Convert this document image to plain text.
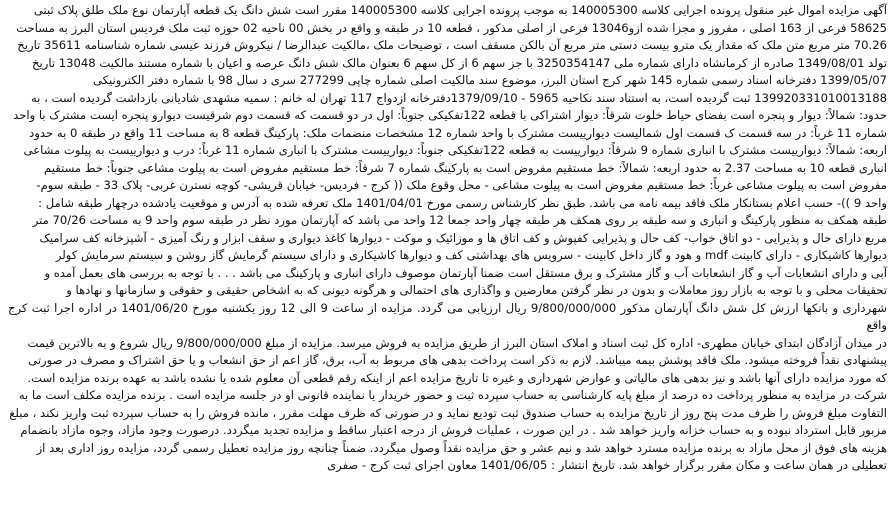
آگهی مزایده اموال غیر منقول پرونده اجرایی کلاسه 140005300 به موجب پرونده اجرایی کلاسه 140005300 مقرر است شش دانگ یک قطعه آپارتمان نوع ملک طلق پلاک ثبتی

58625 فرعی از 163 اصلی ، مفروز و مجزا شده ازو13046 فرعی از اصلی مذکور ، قطعه 10 در طبقه و واقع در بخش 00 ناحیه 02 حوزه ثبت ملک فردیس استان البرز به مساحت

70.26 متر مربع متن ملک که مقدار یک مترو بیست دستی متر مربع آن بالکن مسقف است ، توضیحات ملک ،مالکیت عبدالرضا / نیکروش فرزند عیسی شماره شناسنامه 35611 تاریخ

تولد 1349/08/01 صادره از کرمانشاه دارای شماره ملی 3250354147 با جز سهم 6 از کل سهم 6 بعنوان مالک شش دانگ عرصه و اعیان با شماره مستند مالکیت 13048 تاریخ

1399/05/07 دفترخانه اسناد رسمی شماره 145 شهر کرج استان البرز، موضوع سند مالکیت اصلی شماره چاپی 277299 سری د سال 98 با شماره دفتر الکترونیکی

139920331010013188 ثبت گردیده است، به استناد سند نکاحیه 5965 - 1379/09/10دفترخانه ازدواج 117 تهران له خانم : سمیه مشهدی شادیانی بازداشت گردیده است ، به

حدود: شمالاً: دیوار و پنجره است بفضای حیاط خلوت شرقاً: دیوار اشتراکی با قطعه 122تفکیکی جنوباً: اول در دو قسمت که قسمت دوم شرقیست دیوارو پنجره ایست مشترک با واحد

شماره 11 غرباً: در سه قسمت ک قسمت اول شمالیست دیوارییست مشترک با واحد شماره 12 مشخصات منضمات ملک: پارکینگ قطعه 8 به مساحت 11 واقع در طبقه 0 به حدود

اربعه: شمالاً: دیوارییست مشترک با انباری شماره 9 شرقاً: دیوارییست به قطعه 122تفکیکی جنوباً: دیوارییست مشترک با انباری شماره 11 غرباً: درب و دیوارییست به پیلوت مشاعی

انباری قطعه 10 به مساحت 2.37 به حدود اربعه: شمالاً: خط مستقیم مفروض است به پارکینگ شماره 7 شرقاً: خط مستقیم مفروض است به پیلوت مشاعی جنوباً: خط مستقیم

مفروض است به پیلوت مشاعی غرباً: خط مستقیم مفروض است به پیلوت مشاعی - محل وقوع ملک (( کرج - فردیس- خیابان قریشی- کوچه نسترن غربی- پلاک 33 - طبقه سوم-

واحد 9 ))- حسب اعلام بستانکار ملک فاقد بیمه نامه می باشد. طبق نظر کارشناس رسمی مورخ 1401/04/01 ملک تعرفه شده به آدرس و موقعیت یادشده درچهار طبقه شامل :

طبقه همکف به منظور پارکینگ و انباری و سه طبقه بر روی همکف هر طبقه چهار واحد جمعا 12 واحد می باشد که آپارتمان مورد نظر در طبقه سوم واحد 9 به مساحت 70/26 متر

مربع دارای حال و پذیرایی - دو اتاق خواب- کف حال و پذیرایی کفپوش و کف اتاق ها و موزائیک و موکت - دیوارها کاغذ دیواری و سقف ابزار و رنگ آمیزی - آشپزخانه کف سرامیک

دیوارها کاشیکاری - دارای کابینت mdf و هود و گاز داخل کابینت - سرویس های بهداشتی کف و دیوارها کاشیکاری و دارای سیستم گرمایش گاز روشن و سیستم سرمایش کولر

آبی و دارای انشعابات آب و گاز انشعابات آب و گاز مشترک و برق مستقل است ضمنا آپارتمان موصوف دارای انباری و پارکینگ می باشد . . . با توجه به بررسی های بعمل آمده و

تحقیقات محلی و با توجه به بازار روز معاملات و بدون در نظر گرفتن معارضین و واگذاری های احتمالی و هرگونه دیونی که به اشخاص حقیقی و حقوقی و سازمانها و نهادها و

شهرداری و بانکها ارزش کل شش دانگ آپارتمان مذکور 9/800/000/000 ریال ارزیابی می گردد. مزایده از ساعت 9 الی 12 روز یکشنبه مورخ 1401/06/20 در اداره اجرا ثبت کرج واقع

در میدان آزادگان ابتدای خیابان مطهری- اداره کل ثبت اسناد و املاک استان البرز از طریق مزایده به فروش میرسد. مزایده از مبلغ 9/800/000/000 ریال شروع و به بالاترین قیمت

پیشنهادی نقداً فروخته میشود. ملک فاقد پوشش بیمه میباشد. لازم به ذکر است پرداخت بدهی های مربوط به آب، برق، گاز اعم از حق انشعاب و یا حق اشتراک و مصرف در صورتی

که مورد مزایده دارای آنها باشد و نیز بدهی های مالیاتی و عوارض شهرداری و غیره تا تاریخ مزایده اعم از اینکه رقم قطعی آن معلوم شده یا نشده باشد به عهده برنده مزایده است.

شرکت در مزایده به منظور پرداخت ده درصد از مبلغ پایه کارشناسی به حساب سپرده ثبت و حضور خریدار یا نماینده قانونی او در جلسه مزایده است . برنده مزایده مکلف است ما به

التفاوت مبلغ فروش را ظرف مدت پنج روز از تاریخ مزایده به حساب صندوق ثبت تودیع نماید و در صورتی که ظرف مهلت مقرر ، مانده فروش را به حساب سپرده ثبت واریز نکند ، مبلغ

مزبور قابل استرداد نبوده و به حساب خزانه واریز خواهد شد . در این صورت ، عملیات فروش از درجه اعتبار ساقط و مزایده تجدید میگردد. درصورت وجود مازاد، وجوه مازاد بانضمام

هزینه های فوق از محل مازاد به برنده مزایده مسترد خواهد شد و نیم عشر و حق مزایده نقداً وصول میگردد. ضمناً چنانچه روز مزایده تعطیل رسمی گردد، مزایده روز اداری بعد از

تعطیلی در همان ساعت و مکان مقرر برگزار خواهد شد. تاریخ انتشار : 1401/06/05 معاون اجرای ثبت کرج - صفری
